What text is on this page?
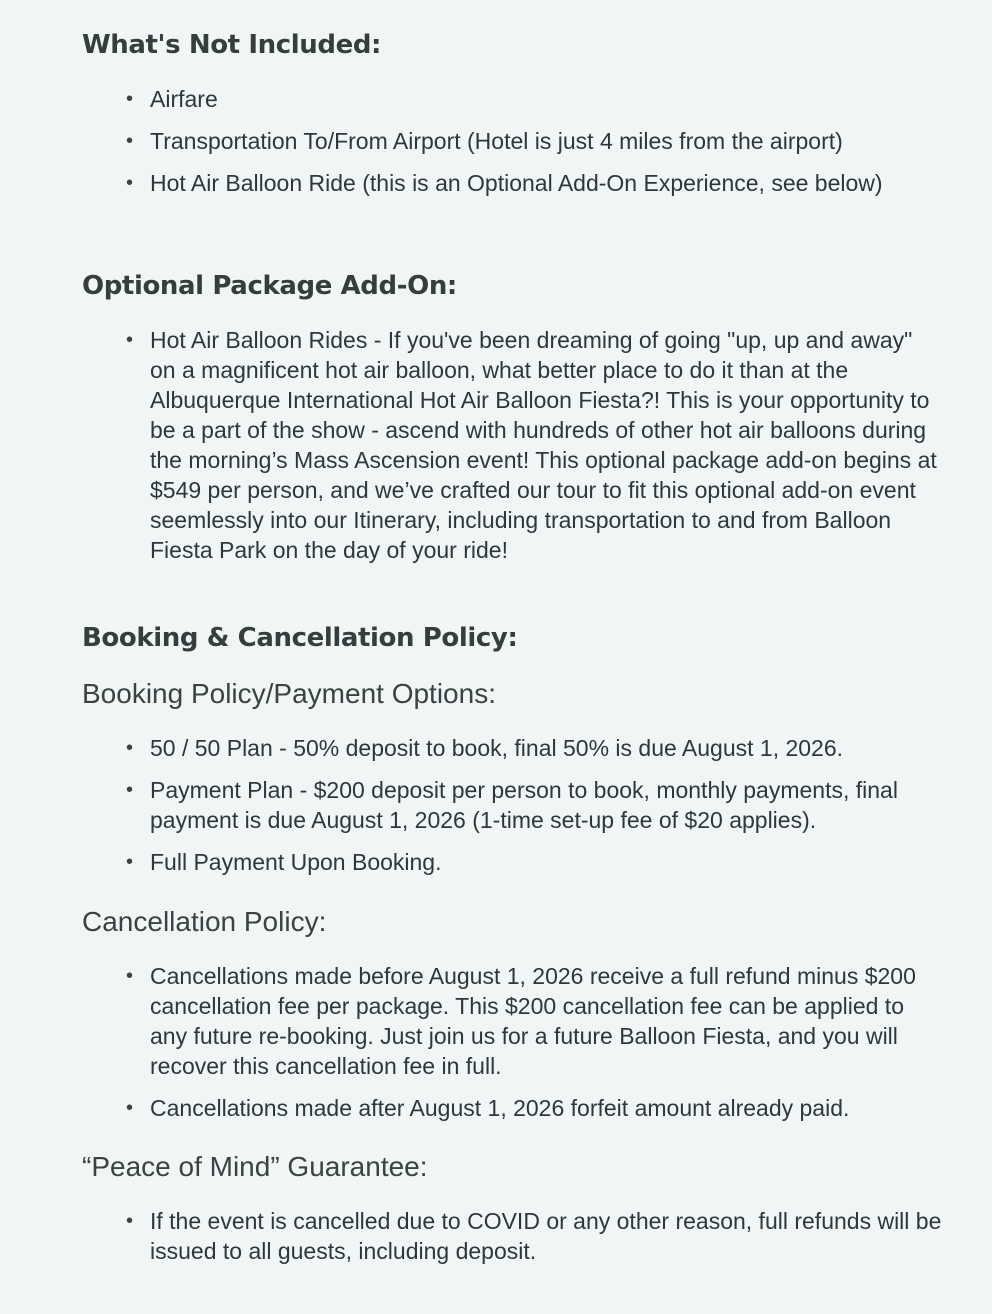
What's Not Included:
• Airfare
• Transportation To/From Airport (Hotel is just 4 miles from the airport)
• Hot Air Balloon Ride (this is an Optional Add-On Experience, see below)
Optional Package Add-On:
• Hot Air Balloon Rides - If you've been dreaming of going "up, up and away" on a magnificent hot air balloon, what better place to do it than at the Albuquerque International Hot Air Balloon Fiesta?! This is your opportunity to be a part of the show - ascend with hundreds of other hot air balloons during the morning’s Mass Ascension event! This optional package add-on begins at $549 per person, and we’ve crafted our tour to fit this optional add-on event seemlessly into our Itinerary, including transportation to and from Balloon Fiesta Park on the day of your ride!
Booking & Cancellation Policy:
Booking Policy/Payment Options:
• 50 / 50 Plan - 50% deposit to book, final 50% is due August 1, 2026.
• Payment Plan - $200 deposit per person to book, monthly payments, final payment is due August 1, 2026 (1-time set-up fee of $20 applies).
• Full Payment Upon Booking.
Cancellation Policy:
• Cancellations made before August 1, 2026 receive a full refund minus $200 cancellation fee per package. This $200 cancellation fee can be applied to any future re-booking. Just join us for a future Balloon Fiesta, and you will recover this cancellation fee in full.
• Cancellations made after August 1, 2026 forfeit amount already paid.
“Peace of Mind” Guarantee:
• If the event is cancelled due to COVID or any other reason, full refunds will be issued to all guests, including deposit.
